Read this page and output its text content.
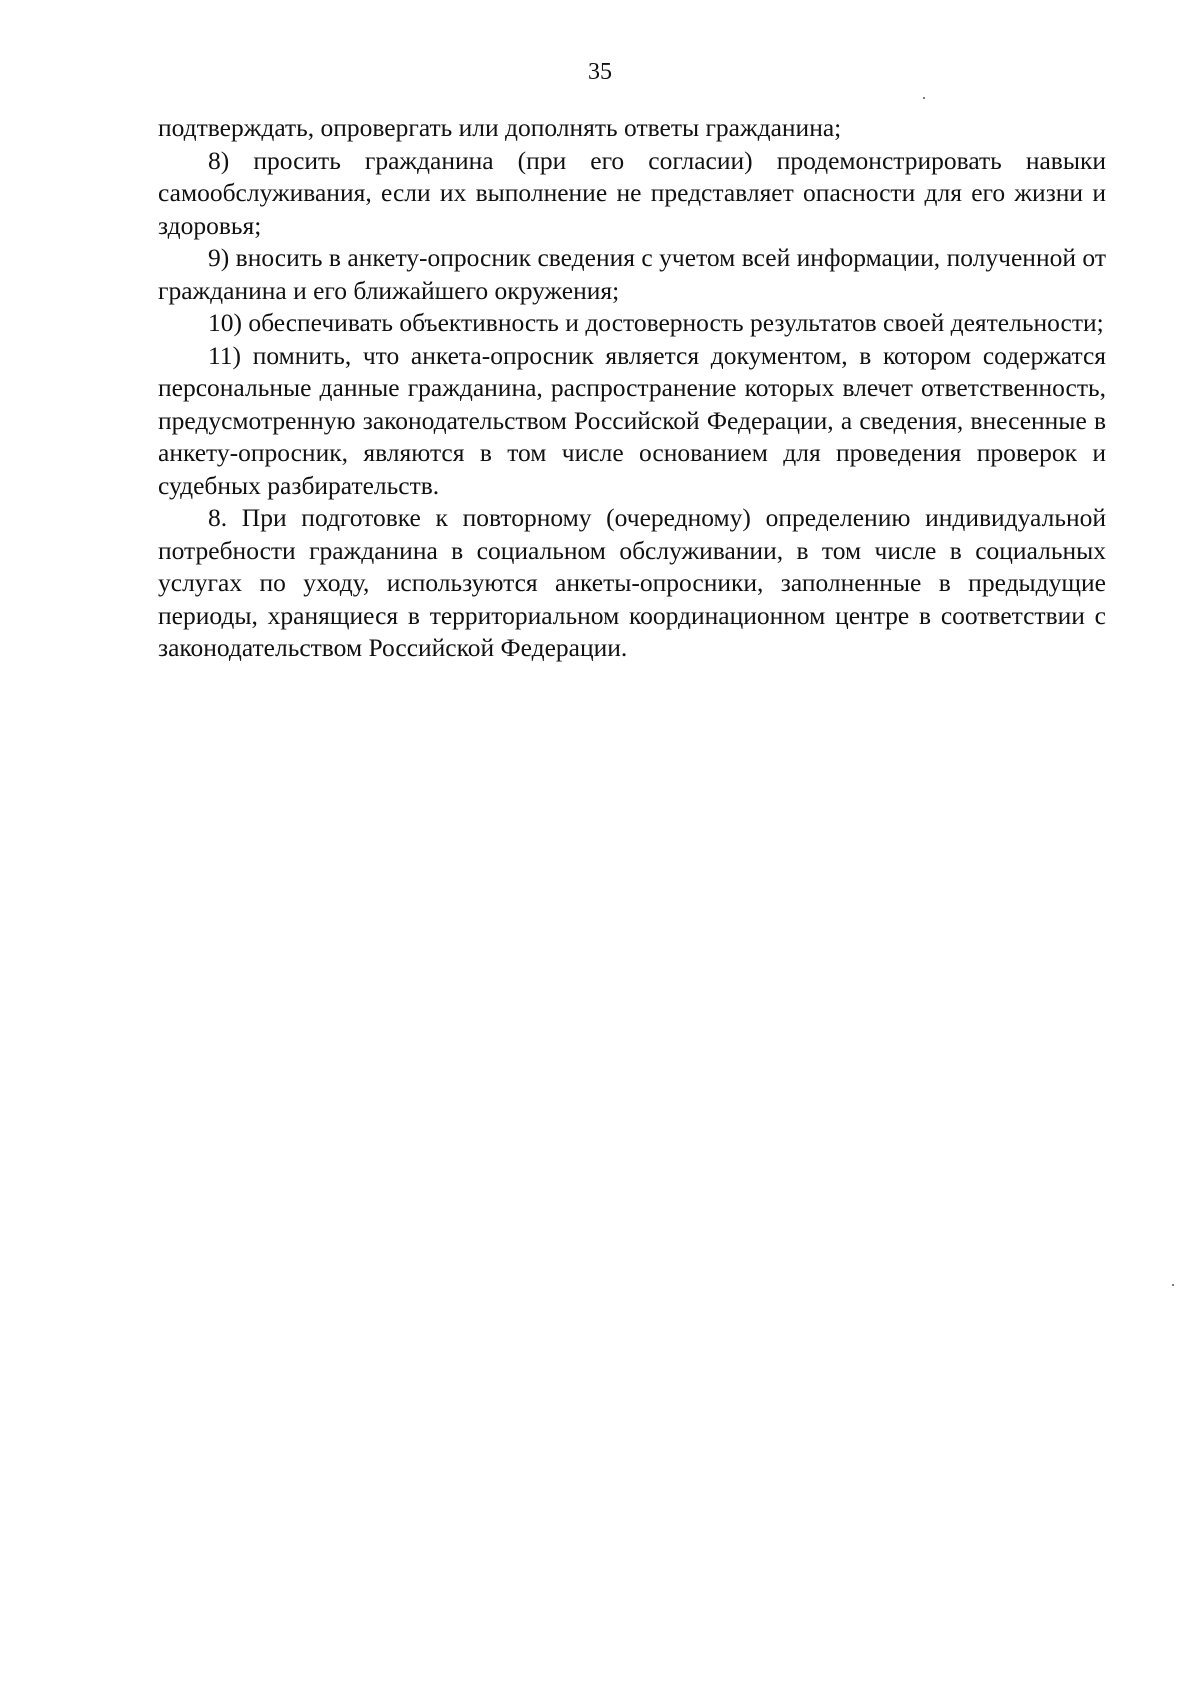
35

подтверждать, опровергать или дополнять ответы гражданина;

8) просить гражданина (при его согласии) продемонстрировать навыки самообслуживания, если их выполнение не представляет опасности для его жизни и здоровья;

9) вносить в анкету-опросник сведения с учетом всей информации, полученной от гражданина и его ближайшего окружения;

10) обеспечивать объективность и достоверность результатов своей деятельности;

11) помнить, что анкета-опросник является документом, в котором содержатся персональные данные гражданина, распространение которых влечет ответственность, предусмотренную законодательством Российской Федерации, а сведения, внесенные в анкету-опросник, являются в том числе основанием для проведения проверок и судебных разбирательств.

8. При подготовке к повторному (очередному) определению индивидуальной потребности гражданина в социальном обслуживании, в том числе в социальных услугах по уходу, используются анкеты-опросники, заполненные в предыдущие периоды, хранящиеся в территориальном координационном центре в соответствии с законодательством Российской Федерации.
